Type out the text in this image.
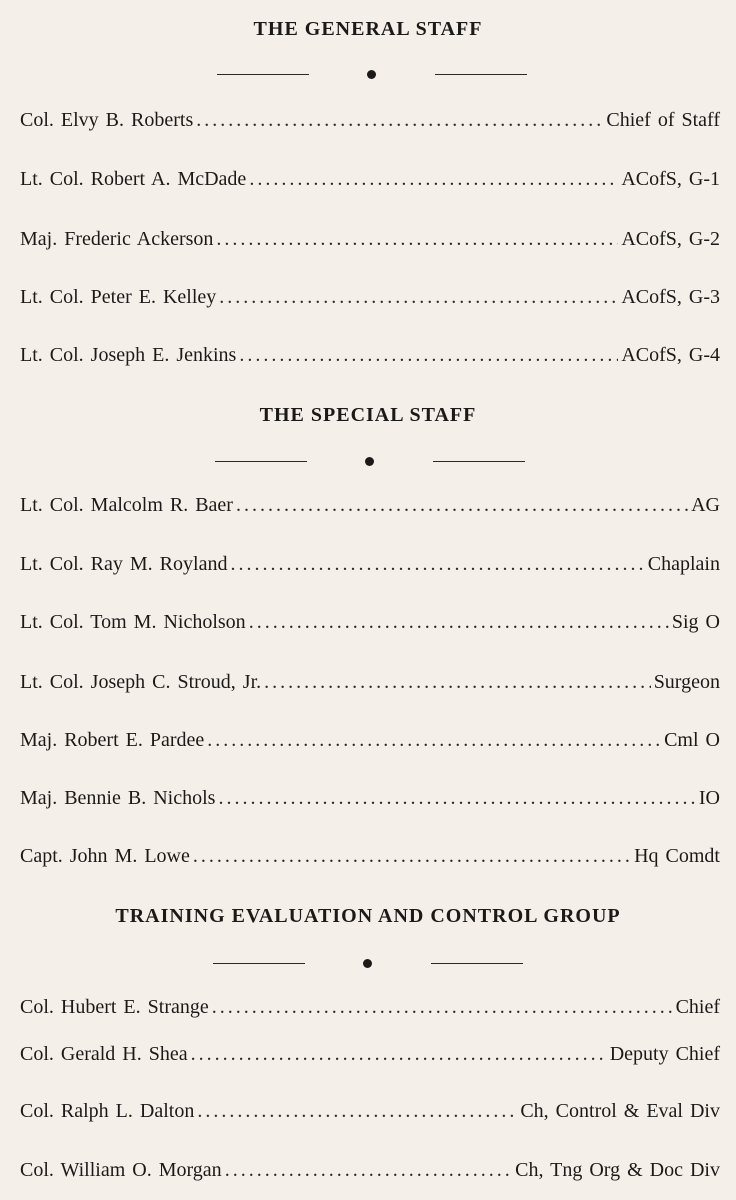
THE GENERAL STAFF
Col. Elvy B. Roberts . . .	Chief of Staff
Lt. Col. Robert A. McDade . . .	ACofS, G-1
Maj. Frederic Ackerson . . .	ACofS, G-2
Lt. Col. Peter E. Kelley . . .	ACofS, G-3
Lt. Col. Joseph E. Jenkins . . .	ACofS, G-4
THE SPECIAL STAFF
Lt. Col. Malcolm R. Baer . . .	AG
Lt. Col. Ray M. Royland . . .	Chaplain
Lt. Col. Tom M. Nicholson . . .	Sig O
Lt. Col. Joseph C. Stroud, Jr. . . .	Surgeon
Maj. Robert E. Pardee . . .	Cml O
Maj. Bennie B. Nichols . . .	IO
Capt. John M. Lowe . . .	Hq Comdt
TRAINING EVALUATION AND CONTROL GROUP
Col. Hubert E. Strange . . .	Chief
Col. Gerald H. Shea . . .	Deputy Chief
Col. Ralph L. Dalton . . .	Ch, Control & Eval Div
Col. William O. Morgan . . .	Ch, Tng Org & Doc Div
